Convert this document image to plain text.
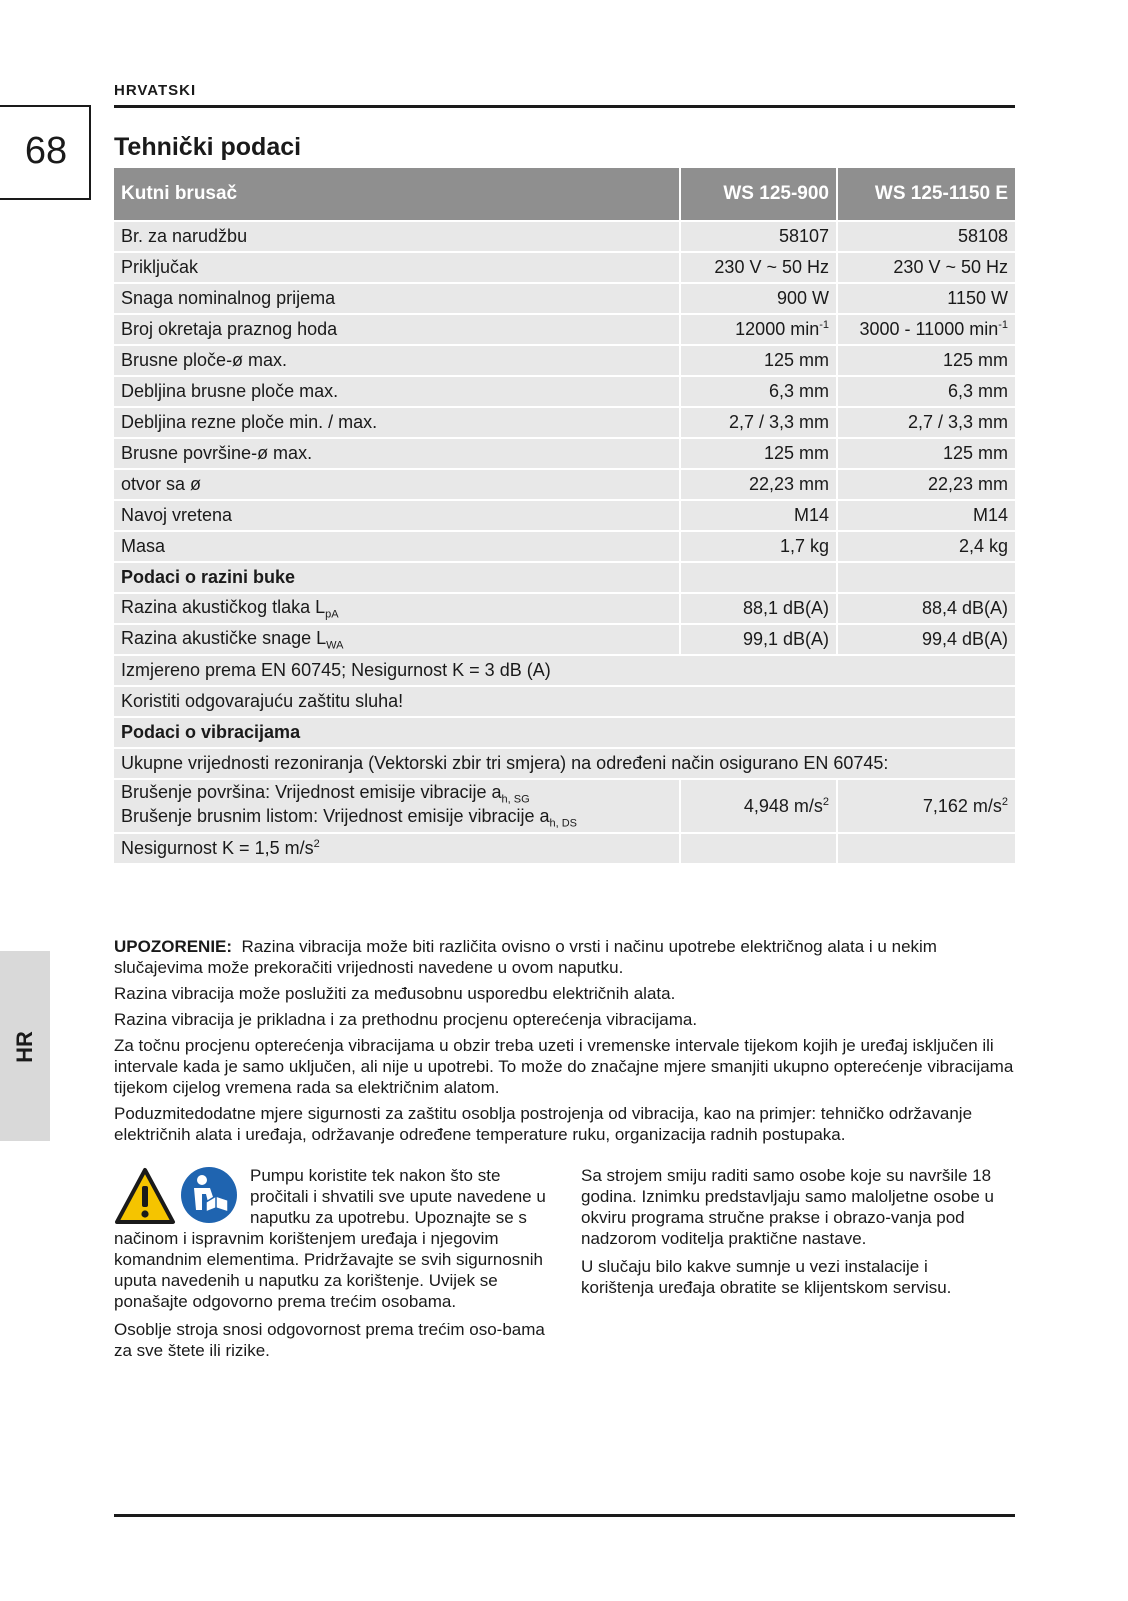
HRVATSKI
68
HR
Tehnički podaci
Kutni brusač	WS 125-900	WS 125-1150 E
Br. za narudžbu	58107	58108
Priključak	230 V ~ 50 Hz	230 V ~ 50 Hz
Snaga nominalnog prijema	900 W	1150 W
Broj okretaja praznog hoda	12000 $\min^{-1}$	3000 - 11000 $\min^{-1}$
Brusne ploče-ø max.	125 mm	125 mm
Debljina brusne ploče max.	6,3 mm	6,3 mm
Debljina rezne ploče min. / max.	2,7 / 3,3 mm	2,7 / 3,3 mm
Brusne površine-ø max.	125 mm	125 mm
otvor sa ø	22,23 mm	22,23 mm
Navoj vretena	M14	M14
Masa	1,7 kg	2,4 kg
Podaci o razini buke		
Razina akustičkog tlaka $L_{pA}$	88,1 dB(A)	88,4 dB(A)
Razina akustičke snage $L_{WA}$	99,1 dB(A)	99,4 dB(A)
Izmjereno prema EN 60745; Nesigurnost K = 3 dB (A)		
Koristiti odgovarajuću zaštitu sluha!		
Podaci o vibracijama		
Ukupne vrijednosti rezoniranja (Vektorski zbir tri smjera) na određeni način osigurano EN 60745:		

Brušenje površina: Vrijednost emisije vibracije $a_{h, SG}$
Brušenje brusnim listom: Vrijednost emisije vibracije $a_{h, DS}$	4,948 $m/s^2$	7,162 $m/s^2$
Nesigurnost K = 1,5 $m/s^2$		

UPOZORENIE: Razina vibracija može biti različita ovisno o vrsti i načinu upotrebe električnog alata i u nekim slučajevima može prekoračiti vrijednosti navedene u ovom naputku.

Razina vibracija može poslužiti za međusobnu usporedbu električnih alata.

Razina vibracija je prikladna i za prethodnu procjenu opterećenja vibracijama.

Za točnu procjenu opterećenja vibracijama u obzir treba uzeti i vremenske intervale tijekom kojih je uređaj isključen ili intervale kada je samo uključen, ali nije u upotrebi. To može do značajne mjere smanjiti ukupno opterećenje vibracijama tijekom cijelog vremena rada sa električnim alatom.

Poduzmitedodatne mjere sigurnosti za zaštitu osoblja postrojenja od vibracija, kao na primjer: tehničko održavanje električnih alata i uređaja, održavanje određene temperature ruku, organizacija radnih postupaka.

Pumpu koristite tek nakon što ste pročitali i shvatili sve upute navedene u naputku za upotrebu. Upoznajte se s načinom i ispravnim korištenjem uređaja i njegovim komandnim elementima. Pridržavajte se svih sigurnosnih uputa navedenih u naputku za korištenje. Uvijek se ponašajte odgovorno prema trećim osobama.

Osoblje stroja snosi odgovornost prema trećim oso-bama za sve štete ili rizike.

Sa strojem smiju raditi samo osobe koje su navršile 18 godina. Iznimku predstavljaju samo maloljetne osobe u okviru programa stručne prakse i obrazo-vanja pod nadzorom voditelja praktične nastave.

U slučaju bilo kakve sumnje u vezi instalacije i korištenja uređaja obratite se klijentskom servisu.
